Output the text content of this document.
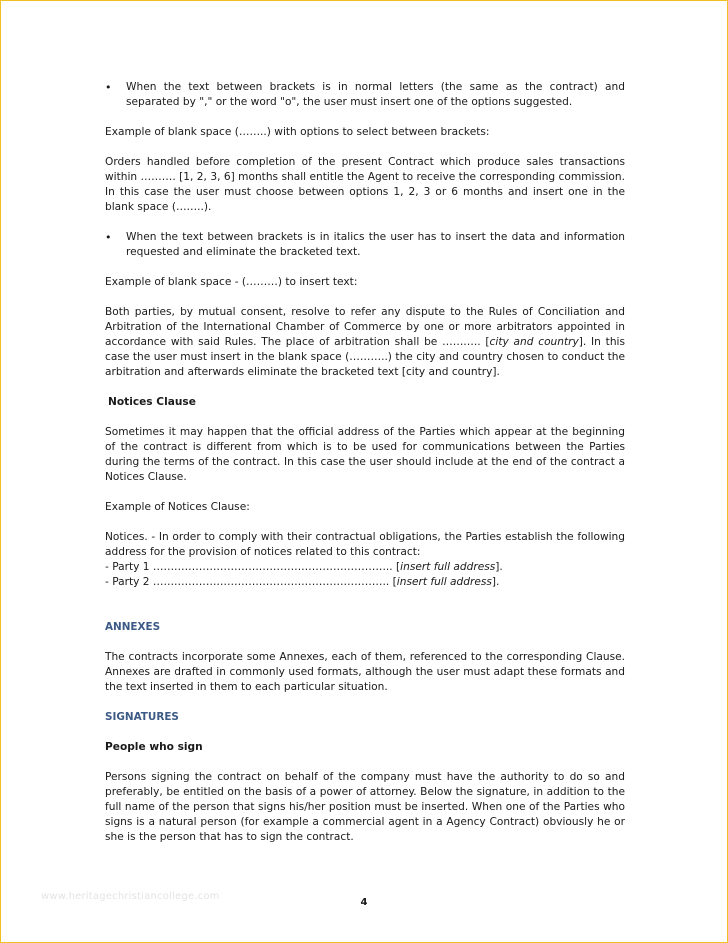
•	When the text between brackets is in normal letters (the same as the contract) and separated by "," or the word "o", the user must insert one of the options suggested.

Example of blank space (……..) with options to select between brackets:

Orders handled before completion of the present Contract which produce sales transactions within ………. [1, 2, 3, 6] months shall entitle the Agent to receive the corresponding commission. In this case the user must choose between options 1, 2, 3 or 6 months and insert one in the blank space (……..).

•	When the text between brackets is in italics the user has to insert the data and information requested and eliminate the bracketed text.

Example of blank space - (………) to insert text:

Both parties, by mutual consent, resolve to refer any dispute to the Rules of Conciliation and Arbitration of the International Chamber of Commerce by one or more arbitrators appointed in accordance with said Rules. The place of arbitration shall be ……….. [city and country]. In this case the user must insert in the blank space (………..) the city and country chosen to conduct the arbitration and afterwards eliminate the bracketed text [city and country].

Notices Clause

Sometimes it may happen that the official address of the Parties which appear at the beginning of the contract is different from which is to be used for communications between the Parties during the terms of the contract. In this case the user should include at the end of the contract a Notices Clause.

Example of Notices Clause:

Notices. - In order to comply with their contractual obligations, the Parties establish the following address for the provision of notices related to this contract:

- Party 1 ………………………………………………………….. [insert full address].

- Party 2 …………………………………………………………. [insert full address].

ANNEXES

The contracts incorporate some Annexes, each of them, referenced to the corresponding Clause. Annexes are drafted in commonly used formats, although the user must adapt these formats and the text inserted in them to each particular situation.

SIGNATURES

People who sign

Persons signing the contract on behalf of the company must have the authority to do so and preferably, be entitled on the basis of a power of attorney. Below the signature, in addition to the full name of the person that signs his/her position must be inserted. When one of the Parties who signs is a natural person (for example a commercial agent in a Agency Contract) obviously he or she is the person that has to sign the contract.

www.heritagechristiancollege.com
4
